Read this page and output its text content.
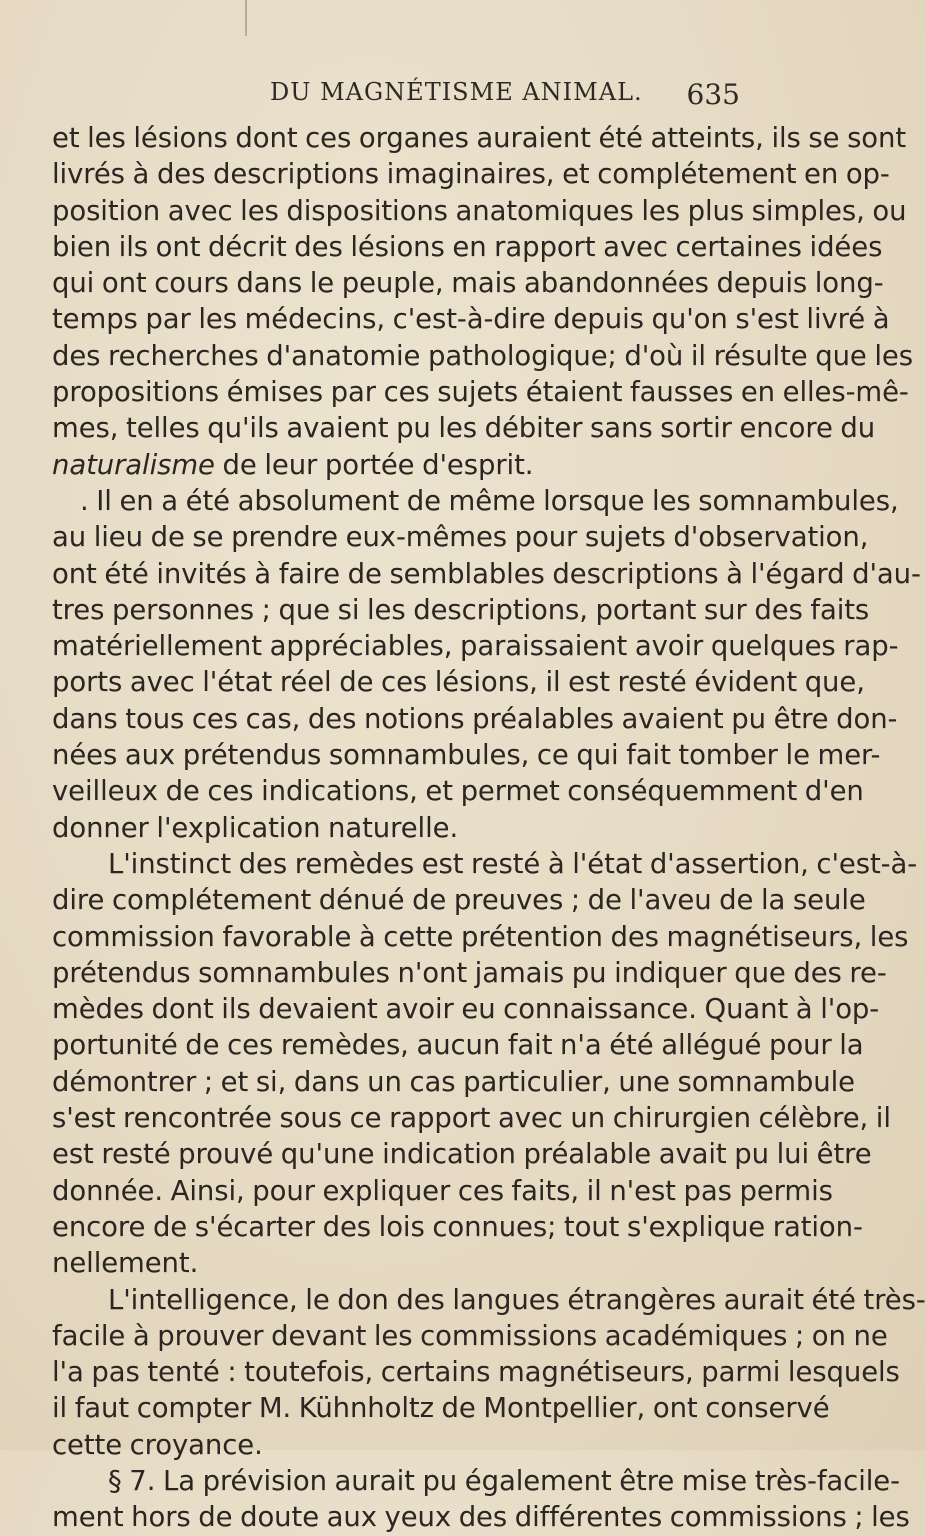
DU MAGNÉTISME ANIMAL. 635
et les lésions dont ces organes auraient été atteints, ils se sont
livrés à des descriptions imaginaires, et complétement en op-
position avec les dispositions anatomiques les plus simples, ou
bien ils ont décrit des lésions en rapport avec certaines idées
qui ont cours dans le peuple, mais abandonnées depuis long-
temps par les médecins, c'est-à-dire depuis qu'on s'est livré à
des recherches d'anatomie pathologique; d'où il résulte que les
propositions émises par ces sujets étaient fausses en elles-mê-
mes, telles qu'ils avaient pu les débiter sans sortir encore du
naturalisme de leur portée d'esprit.
. Il en a été absolument de même lorsque les somnambules,
au lieu de se prendre eux-mêmes pour sujets d'observation,
ont été invités à faire de semblables descriptions à l'égard d'au-
tres personnes ; que si les descriptions, portant sur des faits
matériellement appréciables, paraissaient avoir quelques rap-
ports avec l'état réel de ces lésions, il est resté évident que,
dans tous ces cas, des notions préalables avaient pu être don-
nées aux prétendus somnambules, ce qui fait tomber le mer-
veilleux de ces indications, et permet conséquemment d'en
donner l'explication naturelle.
L'instinct des remèdes est resté à l'état d'assertion, c'est-à-
dire complétement dénué de preuves ; de l'aveu de la seule
commission favorable à cette prétention des magnétiseurs, les
prétendus somnambules n'ont jamais pu indiquer que des re-
mèdes dont ils devaient avoir eu connaissance. Quant à l'op-
portunité de ces remèdes, aucun fait n'a été allégué pour la
démontrer ; et si, dans un cas particulier, une somnambule
s'est rencontrée sous ce rapport avec un chirurgien célèbre, il
est resté prouvé qu'une indication préalable avait pu lui être
donnée. Ainsi, pour expliquer ces faits, il n'est pas permis
encore de s'écarter des lois connues; tout s'explique ration-
nellement.
L'intelligence, le don des langues étrangères aurait été très-
facile à prouver devant les commissions académiques ; on ne
l'a pas tenté : toutefois, certains magnétiseurs, parmi lesquels
il faut compter M. Kühnholtz de Montpellier, ont conservé
cette croyance.
§ 7. La prévision aurait pu également être mise très-facile-
ment hors de doute aux yeux des différentes commissions ; les
